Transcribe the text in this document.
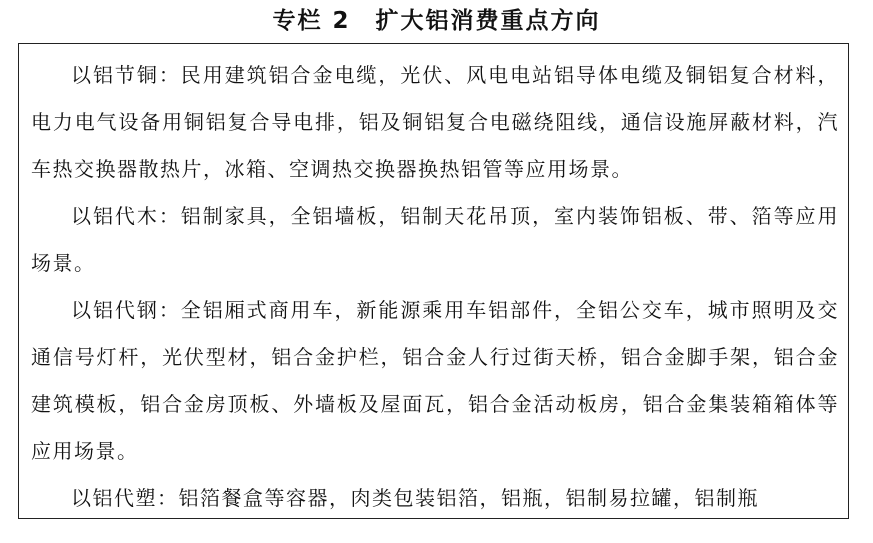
专栏 2　扩大铝消费重点方向

以铝节铜：民用建筑铝合金电缆，光伏、风电电站铝导体电缆及铜铝复合材料，电力电气设备用铜铝复合导电排，铝及铜铝复合电磁绕阻线，通信设施屏蔽材料，汽车热交换器散热片，冰箱、空调热交换器换热铝管等应用场景。

以铝代木：铝制家具，全铝墙板，铝制天花吊顶，室内装饰铝板、带、箔等应用场景。

以铝代钢：全铝厢式商用车，新能源乘用车铝部件，全铝公交车，城市照明及交通信号灯杆，光伏型材，铝合金护栏，铝合金人行过街天桥，铝合金脚手架，铝合金建筑模板，铝合金房顶板、外墙板及屋面瓦，铝合金活动板房，铝合金集装箱箱体等应用场景。

以铝代塑：铝箔餐盒等容器，肉类包装铝箔，铝瓶，铝制易拉罐，铝制瓶
